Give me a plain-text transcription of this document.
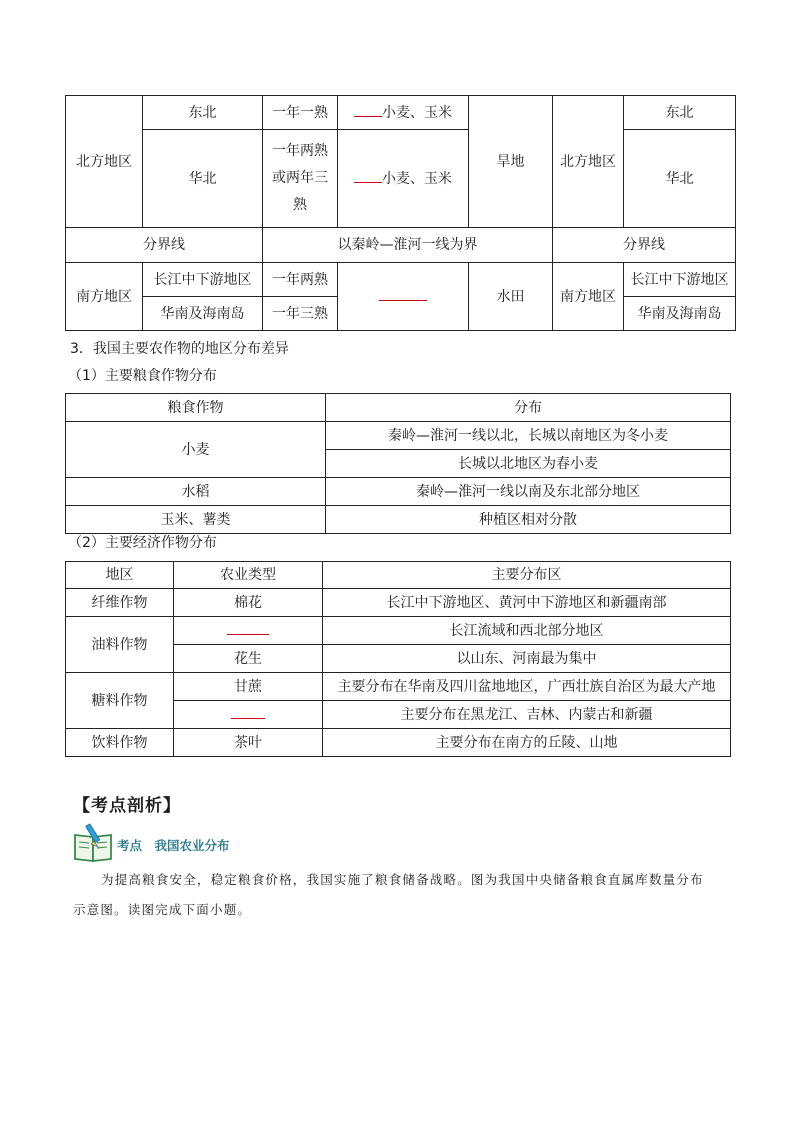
北方地区	东北	一年一熟	小麦、玉米	旱地	北方地区	东北
	华北	一年两熟或两年三熟	小麦、玉米			华北
分界线		以秦岭—淮河一线为界			分界线	
南方地区	长江中下游地区	一年两熟		水田	南方地区	长江中下游地区
	华南及海南岛	一年三熟				华南及海南岛
3．我国主要农作物的地区分布差异
（1）主要粮食作物分布
粮食作物	分布
小麦	秦岭—淮河一线以北，长城以南地区为冬小麦
	长城以北地区为春小麦
水稻	秦岭—淮河一线以南及东北部分地区
玉米、薯类	种植区相对分散
（2）主要经济作物分布
地区	农业类型	主要分布区
纤维作物	棉花	长江中下游地区、黄河中下游地区和新疆南部
油料作物		长江流域和西北部分地区
	花生	以山东、河南最为集中
糖料作物	甘蔗	主要分布在华南及四川盆地地区，广西壮族自治区为最大产地
		主要分布在黑龙江、吉林、内蒙古和新疆
饮料作物	茶叶	主要分布在南方的丘陵、山地
【考点剖析】
考点　我国农业分布
为提高粮食安全，稳定粮食价格，我国实施了粮食储备战略。图为我国中央储备粮食直属库数量分布
示意图。读图完成下面小题。
